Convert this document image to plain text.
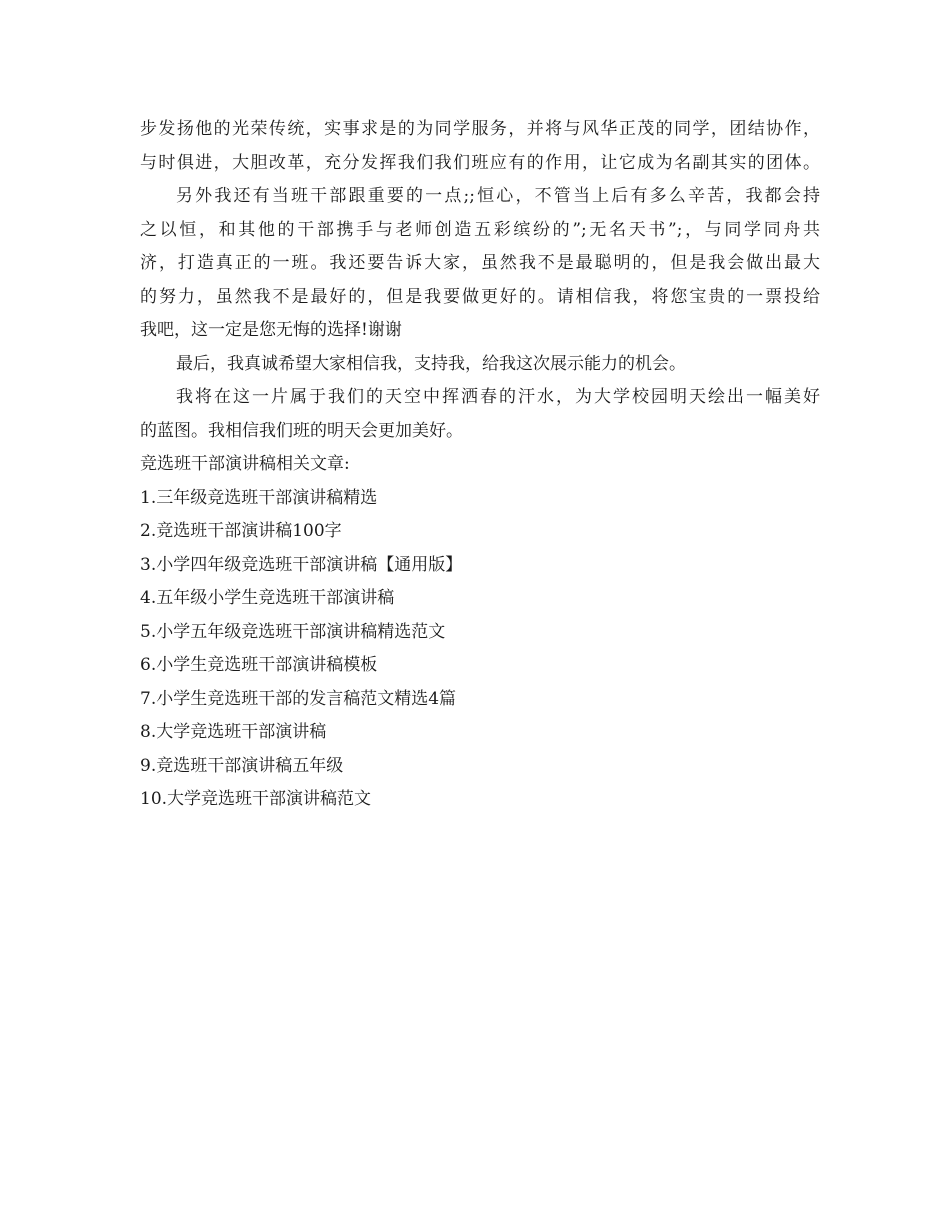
步发扬他的光荣传统，实事求是的为同学服务，并将与风华正茂的同学，团结协作，

与时俱进，大胆改革，充分发挥我们我们班应有的作用，让它成为名副其实的团体。

另外我还有当班干部跟重要的一点;;恒心，不管当上后有多么辛苦，我都会持

之以恒，和其他的干部携手与老师创造五彩缤纷的”;无名天书”;，与同学同舟共

济，打造真正的一班。我还要告诉大家，虽然我不是最聪明的，但是我会做出最大

的努力，虽然我不是最好的，但是我要做更好的。请相信我，将您宝贵的一票投给

我吧，这一定是您无悔的选择!谢谢

最后，我真诚希望大家相信我，支持我，给我这次展示能力的机会。

我将在这一片属于我们的天空中挥洒春的汗水，为大学校园明天绘出一幅美好

的蓝图。我相信我们班的明天会更加美好。

竞选班干部演讲稿相关文章:

1.三年级竞选班干部演讲稿精选
2.竞选班干部演讲稿100字
3.小学四年级竞选班干部演讲稿【通用版】
4.五年级小学生竞选班干部演讲稿
5.小学五年级竞选班干部演讲稿精选范文
6.小学生竞选班干部演讲稿模板
7.小学生竞选班干部的发言稿范文精选4篇
8.大学竞选班干部演讲稿
9.竞选班干部演讲稿五年级
10.大学竞选班干部演讲稿范文
